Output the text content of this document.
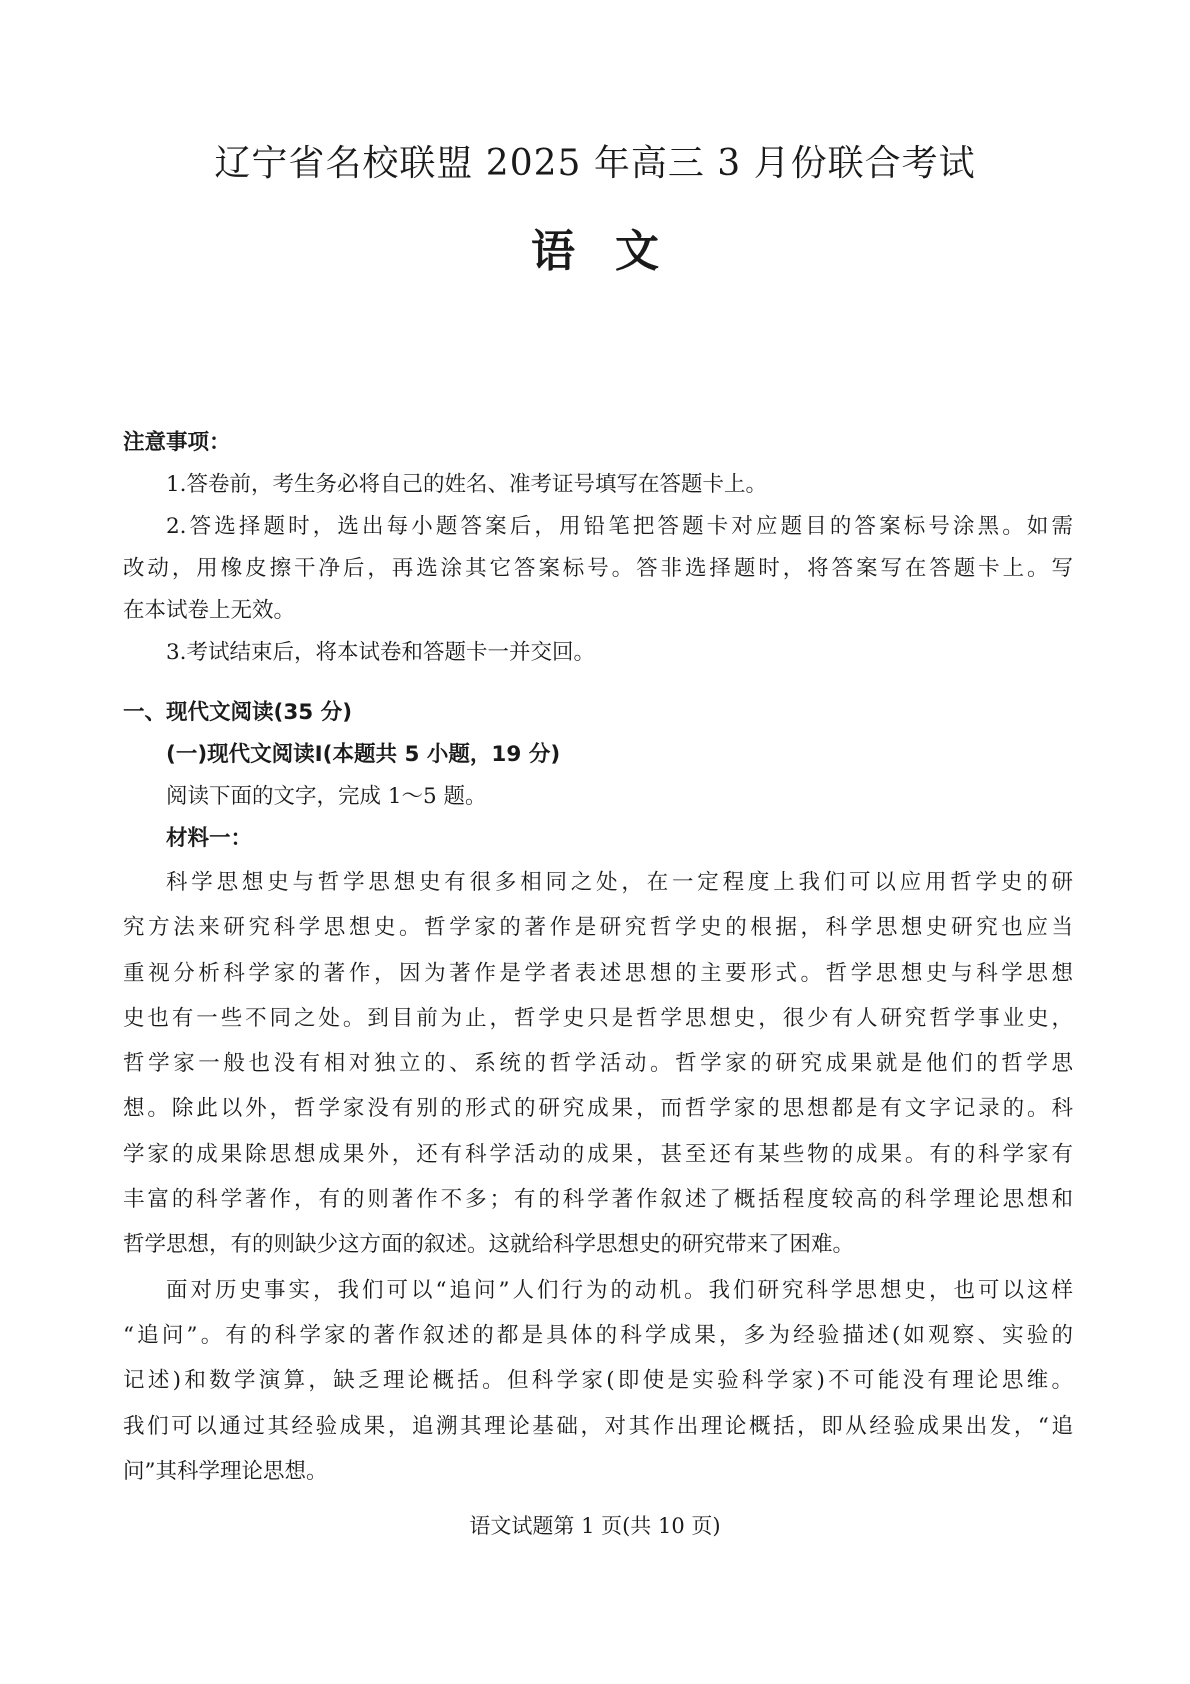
辽宁省名校联盟 2025 年高三 3 月份联合考试
语文
注意事项：
1.答卷前，考生务必将自己的姓名、准考证号填写在答题卡上。
2.答选择题时，选出每小题答案后，用铅笔把答题卡对应题目的答案标号涂黑。如需
改动，用橡皮擦干净后，再选涂其它答案标号。答非选择题时，将答案写在答题卡上。写
在本试卷上无效。
3.考试结束后，将本试卷和答题卡一并交回。
一、现代文阅读(35 分)
(一)现代文阅读Ⅰ(本题共 5 小题，19 分)
阅读下面的文字，完成 1～5 题。
材料一：
科学思想史与哲学思想史有很多相同之处，在一定程度上我们可以应用哲学史的研
究方法来研究科学思想史。哲学家的著作是研究哲学史的根据，科学思想史研究也应当
重视分析科学家的著作，因为著作是学者表述思想的主要形式。哲学思想史与科学思想
史也有一些不同之处。到目前为止，哲学史只是哲学思想史，很少有人研究哲学事业史，
哲学家一般也没有相对独立的、系统的哲学活动。哲学家的研究成果就是他们的哲学思
想。除此以外，哲学家没有别的形式的研究成果，而哲学家的思想都是有文字记录的。科
学家的成果除思想成果外，还有科学活动的成果，甚至还有某些物的成果。有的科学家有
丰富的科学著作，有的则著作不多；有的科学著作叙述了概括程度较高的科学理论思想和
哲学思想，有的则缺少这方面的叙述。这就给科学思想史的研究带来了困难。
面对历史事实，我们可以“追问”人们行为的动机。我们研究科学思想史，也可以这样
“追问”。有的科学家的著作叙述的都是具体的科学成果，多为经验描述(如观察、实验的
记述)和数学演算，缺乏理论概括。但科学家(即使是实验科学家)不可能没有理论思维。
我们可以通过其经验成果，追溯其理论基础，对其作出理论概括，即从经验成果出发，“追
问”其科学理论思想。
语文试题第 1 页(共 10 页)
